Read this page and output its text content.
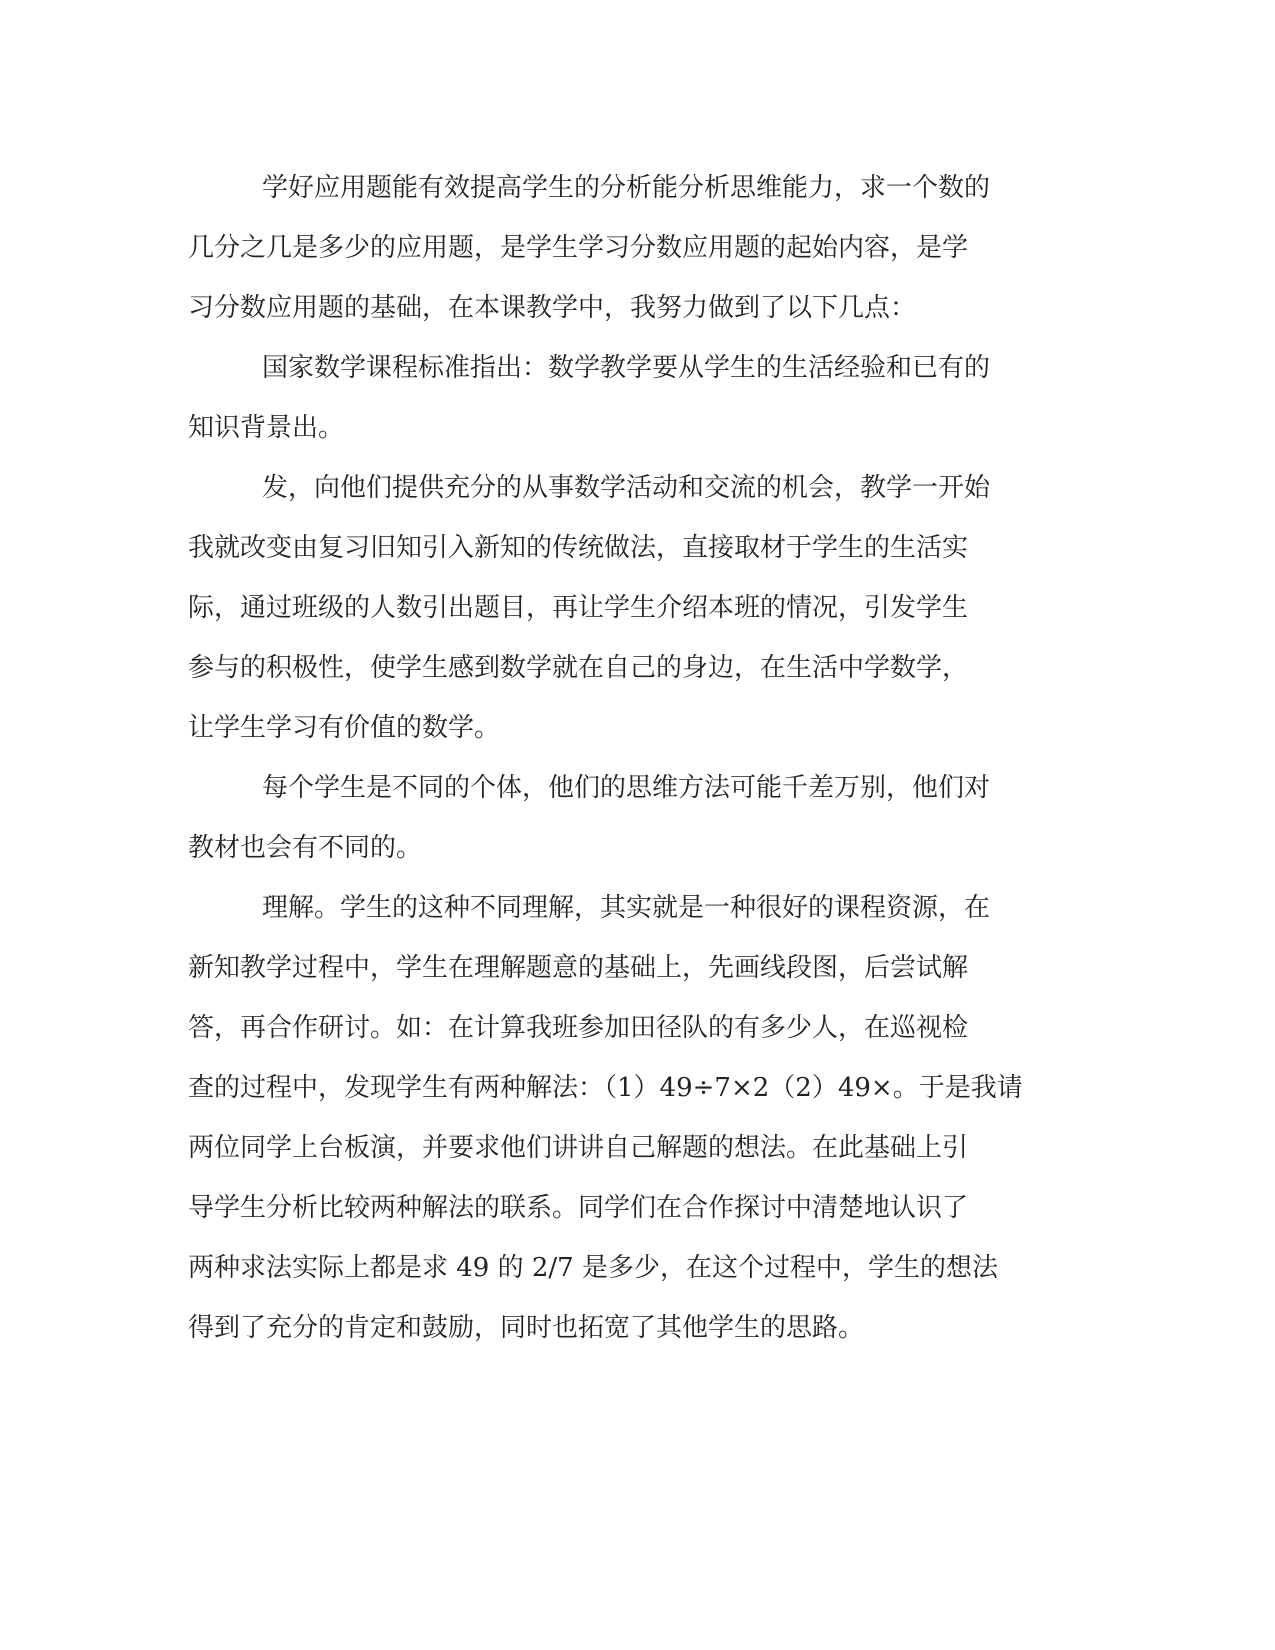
学好应用题能有效提高学生的分析能分析思维能力，求一个数的
几分之几是多少的应用题，是学生学习分数应用题的起始内容，是学
习分数应用题的基础，在本课教学中，我努力做到了以下几点：
国家数学课程标准指出：数学教学要从学生的生活经验和已有的
知识背景出。
发，向他们提供充分的从事数学活动和交流的机会，教学一开始
我就改变由复习旧知引入新知的传统做法，直接取材于学生的生活实
际，通过班级的人数引出题目，再让学生介绍本班的情况，引发学生
参与的积极性，使学生感到数学就在自己的身边，在生活中学数学，
让学生学习有价值的数学。
每个学生是不同的个体，他们的思维方法可能千差万别，他们对
教材也会有不同的。
理解。学生的这种不同理解，其实就是一种很好的课程资源，在
新知教学过程中，学生在理解题意的基础上，先画线段图，后尝试解
答，再合作研讨。如：在计算我班参加田径队的有多少人，在巡视检
查的过程中，发现学生有两种解法：（1）49÷7×2（2）49×。于是我请
两位同学上台板演，并要求他们讲讲自己解题的想法。在此基础上引
导学生分析比较两种解法的联系。同学们在合作探讨中清楚地认识了
两种求法实际上都是求 49 的 2/7 是多少，在这个过程中，学生的想法
得到了充分的肯定和鼓励，同时也拓宽了其他学生的思路。
